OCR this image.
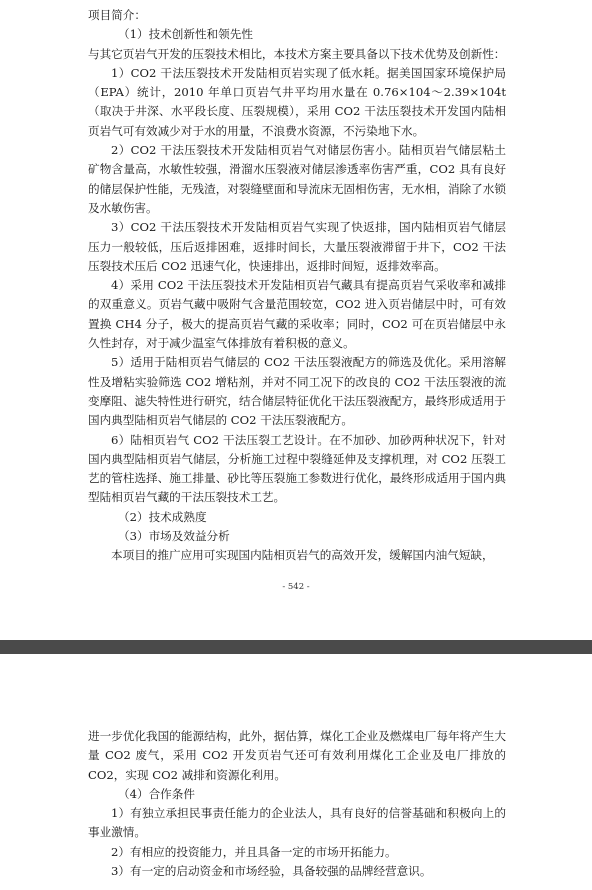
项目简介：

（1）技术创新性和领先性

与其它页岩气开发的压裂技术相比，本技术方案主要具备以下技术优势及创新性：

1）CO2 干法压裂技术开发陆相页岩实现了低水耗。据美国国家环境保护局（EPA）统计，2010 年单口页岩气井平均用水量在 0.76×104～2.39×104t（取决于井深、水平段长度、压裂规模），采用 CO2 干法压裂技术开发国内陆相页岩气可有效减少对于水的用量，不浪费水资源，不污染地下水。

2）CO2 干法压裂技术开发陆相页岩气对储层伤害小。陆相页岩气储层粘土矿物含量高，水敏性较强，滑溜水压裂液对储层渗透率伤害严重，CO2 具有良好的储层保护性能，无残渣，对裂缝壁面和导流床无固相伤害，无水相，消除了水锁及水敏伤害。

3）CO2 干法压裂技术开发陆相页岩气实现了快返排，国内陆相页岩气储层压力一般较低，压后返排困难，返排时间长，大量压裂液滞留于井下，CO2 干法压裂技术压后 CO2 迅速气化，快速排出，返排时间短，返排效率高。

4）采用 CO2 干法压裂技术开发陆相页岩气藏具有提高页岩气采收率和减排的双重意义。页岩气藏中吸附气含量范围较宽，CO2 进入页岩储层中时，可有效置换 CH4 分子，极大的提高页岩气藏的采收率；同时，CO2 可在页岩储层中永久性封存，对于减少温室气体排放有着积极的意义。

5）适用于陆相页岩气储层的 CO2 干法压裂液配方的筛选及优化。采用溶解性及增粘实验筛选 CO2 增粘剂，并对不同工况下的改良的 CO2 干法压裂液的流变摩阻、滤失特性进行研究，结合储层特征优化干法压裂液配方，最终形成适用于国内典型陆相页岩气储层的 CO2 干法压裂液配方。

6）陆相页岩气 CO2 干法压裂工艺设计。在不加砂、加砂两种状况下，针对国内典型陆相页岩气储层，分析施工过程中裂缝延伸及支撑机理，对 CO2 压裂工艺的管柱选择、施工排量、砂比等压裂施工参数进行优化，最终形成适用于国内典型陆相页岩气藏的干法压裂技术工艺。

（2）技术成熟度

（3）市场及效益分析

本项目的推广应用可实现国内陆相页岩气的高效开发，缓解国内油气短缺，

- 542 -

进一步优化我国的能源结构，此外，据估算，煤化工企业及燃煤电厂每年将产生大量 CO2 废气，采用 CO2 开发页岩气还可有效利用煤化工企业及电厂排放的 CO2，实现 CO2 减排和资源化利用。

（4）合作条件

1）有独立承担民事责任能力的企业法人，具有良好的信誉基础和积极向上的事业激情。

2）有相应的投资能力，并且具备一定的市场开拓能力。

3）有一定的启动资金和市场经验，具备较强的品牌经营意识。
